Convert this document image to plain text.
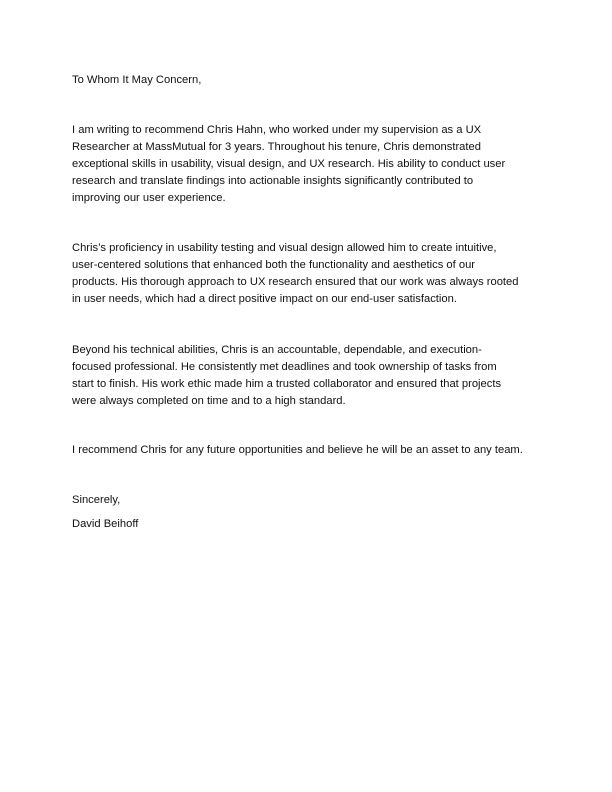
To Whom It May Concern,
I am writing to recommend Chris Hahn, who worked under my supervision as a UX
Researcher at MassMutual for 3 years. Throughout his tenure, Chris demonstrated
exceptional skills in usability, visual design, and UX research. His ability to conduct user
research and translate findings into actionable insights significantly contributed to
improving our user experience.
Chris’s proficiency in usability testing and visual design allowed him to create intuitive,
user-centered solutions that enhanced both the functionality and aesthetics of our
products. His thorough approach to UX research ensured that our work was always rooted
in user needs, which had a direct positive impact on our end-user satisfaction.
Beyond his technical abilities, Chris is an accountable, dependable, and execution-
focused professional. He consistently met deadlines and took ownership of tasks from
start to finish. His work ethic made him a trusted collaborator and ensured that projects
were always completed on time and to a high standard.
I recommend Chris for any future opportunities and believe he will be an asset to any team.
Sincerely,
David Beihoff
